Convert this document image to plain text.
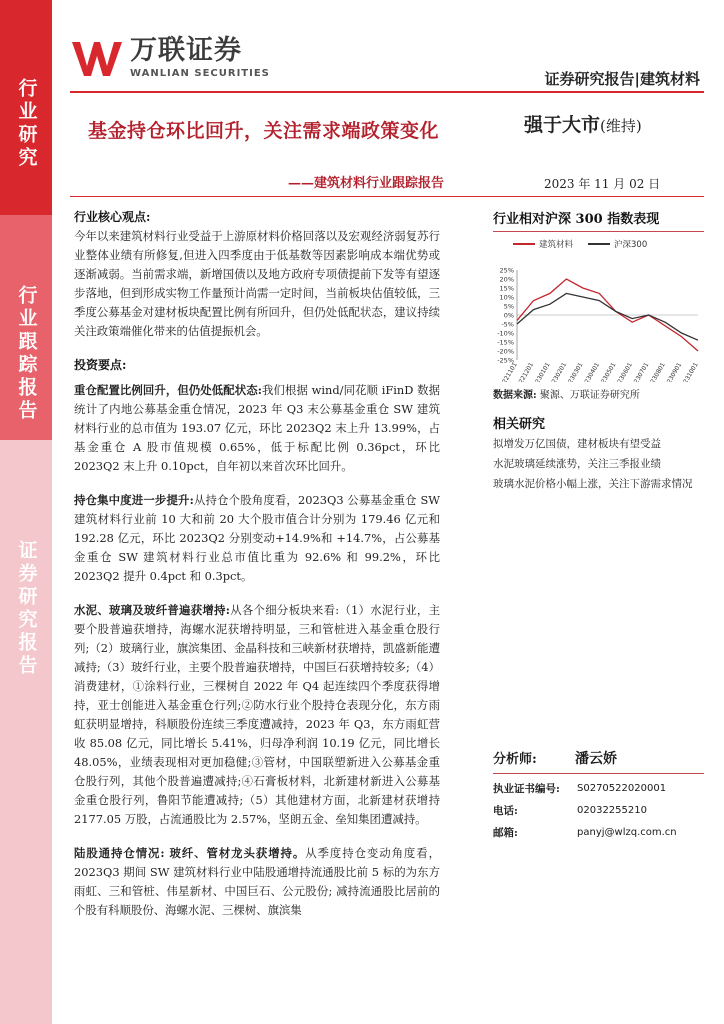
行业研究
行业跟踪报告
证券研究报告
万联证券
WANLIAN SECURITIES	证券研究报告|建筑材料
基金持仓环比回升，关注需求端政策变化
——建筑材料行业跟踪报告
强于大市(维持)
2023 年 11 月 02 日
行业核心观点:
今年以来建筑材料行业受益于上游原材料价格回落以及宏观经济弱复苏行业整体业绩有所修复,但进入四季度由于低基数等因素影响成本端优势或逐渐减弱。当前需求端，新增国债以及地方政府专项债提前下发等有望逐步落地，但到形成实物工作量预计尚需一定时间，当前板块估值较低，三季度公募基金对建材板块配置比例有所回升，但仍处低配状态，建议持续关注政策端催化带来的估值提振机会。
投资要点:
重仓配置比例回升，但仍处低配状态:我们根据 wind/同花顺 iFinD 数据统计了内地公募基金重仓情况，2023 年 Q3 末公募基金重仓 SW 建筑材料行业的总市值为 193.07 亿元，环比 2023Q2 末上升 13.99%，占基金重仓 A 股市值规模 0.65%，低于标配比例 0.36pct，环比 2023Q2 末上升 0.10pct，自年初以来首次环比回升。
持仓集中度进一步提升:从持仓个股角度看，2023Q3 公募基金重仓 SW 建筑材料行业前 10 大和前 20 大个股市值合计分别为 179.46 亿元和 192.28 亿元，环比 2023Q2 分别变动+14.9%和 +14.7%，占公募基金重仓 SW 建筑材料行业总市值比重为 92.6% 和 99.2%，环比 2023Q2 提升 0.4pct 和 0.3pct。
水泥、玻璃及玻纤普遍获增持:从各个细分板块来看:（1）水泥行业，主要个股普遍获增持，海螺水泥获增持明显，三和管桩进入基金重仓股行列;（2）玻璃行业，旗滨集团、金晶科技和三峡新材获增持，凯盛新能遭减持;（3）玻纤行业，主要个股普遍获增持，中国巨石获增持较多;（4）消费建材，①涂料行业，三棵树自 2022 年 Q4 起连续四个季度获得增持，亚士创能进入基金重仓行列;②防水行业个股持仓表现分化，东方雨虹获明显增持，科顺股份连续三季度遭减持，2023 年 Q3，东方雨虹营收 85.08 亿元，同比增长 5.41%，归母净利润 10.19 亿元，同比增长 48.05%，业绩表现相对更加稳健;③管材，中国联塑新进入公募基金重仓股行列，其他个股普遍遭减持;④石膏板材料，北新建材新进入公募基金重仓股行列，鲁阳节能遭减持;（5）其他建材方面，北新建材获增持 2177.05 万股，占流通股比为 2.57%，坚朗五金、垒知集团遭减持。
陆股通持仓情况: 玻纤、管材龙头获增持。从季度持仓变动角度看，2023Q3 期间 SW 建筑材料行业中陆股通增持流通股比前 5 标的为东方雨虹、三和管桩、伟星新材、中国巨石、公元股份; 减持流通股比居前的个股有科顺股份、海螺水泥、三棵树、旗滨集
行业相对沪深 300 指数表现
建筑材料	沪深300
25%
20%
15%
10%
5%
0%
-5%
-10%
-15%
-20%
-25%
221101
221201
230101
230201
230301
230401
230501
230601
230701
230801
230901
231001
数据来源: 聚源、万联证券研究所
相关研究
拟增发万亿国债，建材板块有望受益
水泥玻璃延续涨势，关注三季报业绩
玻璃水泥价格小幅上涨，关注下游需求情况
分析师:	潘云娇
执业证书编号:	S0270522020001
电话:	02032255210
邮箱:	panyj@wlzq.com.cn
